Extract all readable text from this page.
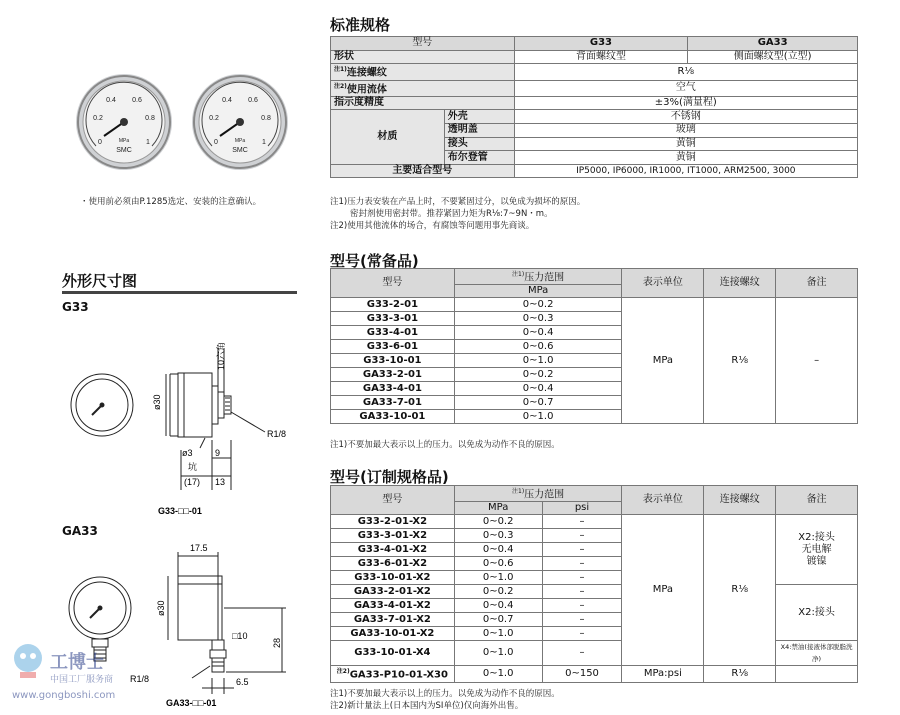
0
0.2
0.4 0.6
0.8
1
MPa
SMC
0
0.2
0.4 0.6
0.8
1
MPa
SMC
・使用前必须由P.1285选定、安装的注意确认。
外形尺寸图
G33
ø30
10六角
R1/8
ø3 9
坑
(17) 13
G33-□□-01
GA33
17.5
ø30
□10
28
R1/8	6.5
GA33-□□-01
工博士
中国工厂服务商
www.gongboshi.com
标准规格
型号		G33	GA33
形状		背面螺纹型	侧面螺纹型(立型)
$^{注1)}$连接螺纹		R⅛	
$^{注2)}$使用流体		空气	
指示度精度		±3%(满量程)	
材质	外壳	不锈钢	
	透明盖	玻璃	
	接头	黄铜	
	布尔登管	黄铜	
主要适合型号		IP5000, IP6000, IR1000, IT1000, ARM2500, 3000	
注1)压力表安装在产品上时，不要紧固过分，以免成为损坏的原因。
密封剂使用密封带。推荐紧固力矩为R⅛:7~9N・m。
注2)使用其他流体的场合，有腐蚀等问题用事先商谈。
型号(常备品)
型号	$^{注1)}$压力范围	表示单位	连接螺纹	备注
	MPa			
G33-2-01	0~0.2	MPa	R⅛	–
G33-3-01	0~0.3			
G33-4-01	0~0.4			
G33-6-01	0~0.6			
G33-10-01	0~1.0			
GA33-2-01	0~0.2			
GA33-4-01	0~0.4			
GA33-7-01	0~0.7			
GA33-10-01	0~1.0			
注1)不要加最大表示以上的压力。以免成为动作不良的原因。
型号(订制规格品)
型号	$^{注1)}$压力范围		表示单位	连接螺纹	备注
	MPa	psi			
G33-2-01-X2	0~0.2	–	MPa	R⅛	X2:接头
无电解
镀镍

G33-3-01-X2	0~0.3	–			
G33-4-01-X2	0~0.4	–			
G33-6-01-X2	0~0.6	–			
G33-10-01-X2	0~1.0	–			
GA33-2-01-X2	0~0.2	–			X2:接头
GA33-4-01-X2	0~0.4	–			
GA33-7-01-X2	0~0.7	–			
GA33-10-01-X2	0~1.0	–			
G33-10-01-X4	0~1.0	–			X4:禁油(接液体部脱脂洗净)
$^{注2)}$GA33-P10-01-X30	0~1.0	0~150	MPa:psi	R⅛	
注1)不要加最大表示以上的压力。以免成为动作不良的原因。
注2)新计量法上(日本国内为SI单位)仅向海外出售。
